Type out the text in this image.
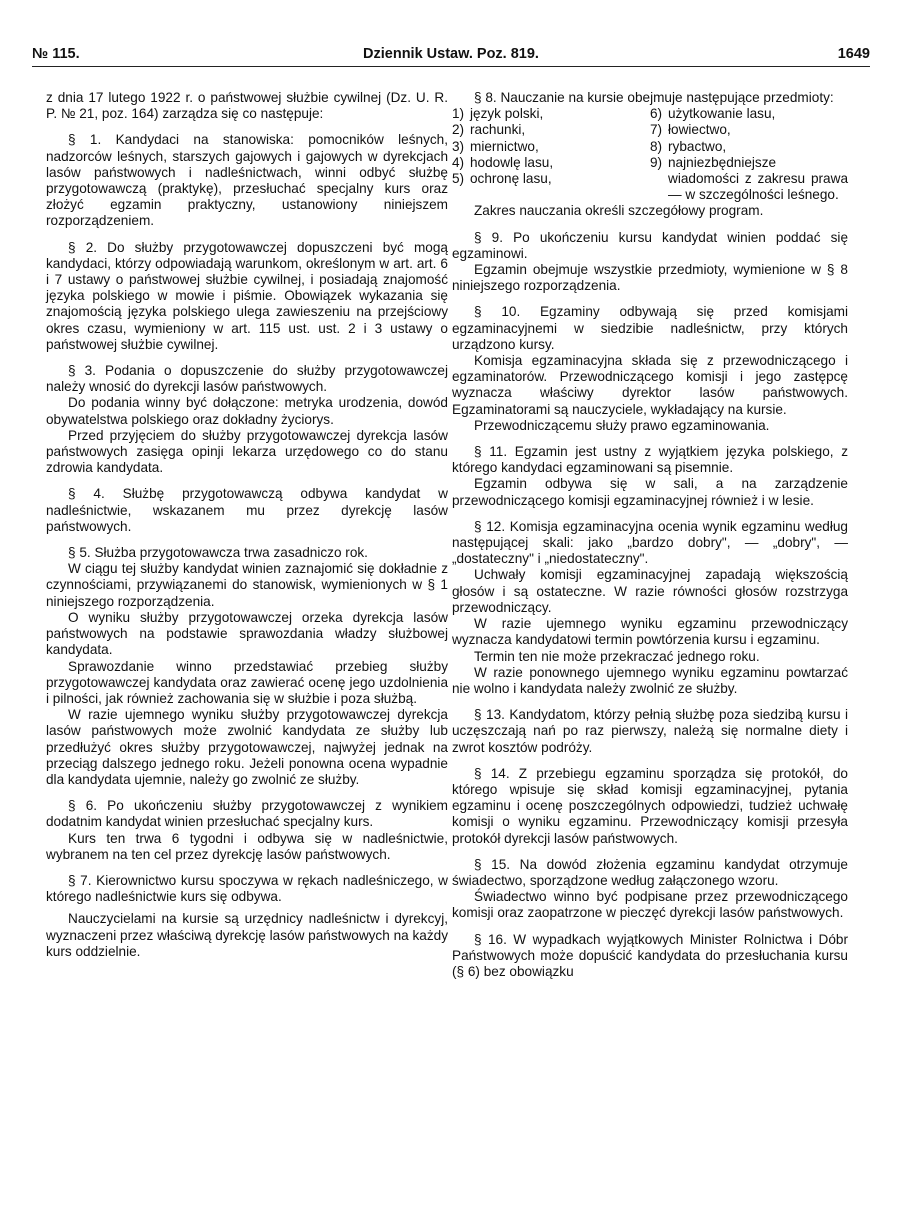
№ 115.	Dziennik Ustaw. Poz. 819.	1649

z dnia 17 lutego 1922 r. o państwowej służbie cywilnej (Dz. U. R. P. № 21, poz. 164) zarządza się co następuje:

§ 1. Kandydaci na stanowiska: pomocników leśnych, nadzorców leśnych, starszych gajowych i gajowych w dyrekcjach lasów państwowych i nadleśnictwach, winni odbyć służbę przygotowawczą (praktykę), przesłuchać specjalny kurs oraz złożyć egzamin praktyczny, ustanowiony niniejszem rozporządzeniem.

§ 2. Do służby przygotowawczej dopuszczeni być mogą kandydaci, którzy odpowiadają warunkom, określonym w art. art. 6 i 7 ustawy o państwowej służbie cywilnej, i posiadają znajomość języka polskiego w mowie i piśmie. Obowiązek wykazania się znajomością języka polskiego ulega zawieszeniu na przejściowy okres czasu, wymieniony w art. 115 ust. ust. 2 i 3 ustawy o państwowej służbie cywilnej.

§ 3. Podania o dopuszczenie do służby przygotowawczej należy wnosić do dyrekcji lasów państwowych.

Do podania winny być dołączone: metryka urodzenia, dowód obywatelstwa polskiego oraz dokładny życiorys.

Przed przyjęciem do służby przygotowawczej dyrekcja lasów państwowych zasięga opinji lekarza urzędowego co do stanu zdrowia kandydata.

§ 4. Służbę przygotowawczą odbywa kandydat w nadleśnictwie, wskazanem mu przez dyrekcję lasów państwowych.

§ 5. Służba przygotowawcza trwa zasadniczo rok.

W ciągu tej służby kandydat winien zaznajomić się dokładnie z czynnościami, przywiązanemi do stanowisk, wymienionych w § 1 niniejszego rozporządzenia.

O wyniku służby przygotowawczej orzeka dyrekcja lasów państwowych na podstawie sprawozdania władzy służbowej kandydata.

Sprawozdanie winno przedstawiać przebieg służby przygotowawczej kandydata oraz zawierać ocenę jego uzdolnienia i pilności, jak również zachowania się w służbie i poza służbą.

W razie ujemnego wyniku służby przygotowawczej dyrekcja lasów państwowych może zwolnić kandydata ze służby lub przedłużyć okres służby przygotowawczej, najwyżej jednak na przeciąg dalszego jednego roku. Jeżeli ponowna ocena wypadnie dla kandydata ujemnie, należy go zwolnić ze służby.

§ 6. Po ukończeniu służby przygotowawczej z wynikiem dodatnim kandydat winien przesłuchać specjalny kurs.

Kurs ten trwa 6 tygodni i odbywa się w nadleśnictwie, wybranem na ten cel przez dyrekcję lasów państwowych.

§ 7. Kierownictwo kursu spoczywa w rękach nadleśniczego, w którego nadleśnictwie kurs się odbywa.

Nauczycielami na kursie są urzędnicy nadleśnictw i dyrekcyj, wyznaczeni przez właściwą dyrekcję lasów państwowych na każdy kurs oddzielnie.

§ 8. Nauczanie na kursie obejmuje następujące przedmioty:

1) język polski,
2) rachunki,
3) miernictwo,
4) hodowlę lasu,
5) ochronę lasu,
6) użytkowanie lasu,
7) łowiectwo,
8) rybactwo,
9) najniezbędniejsze wiadomości z zakresu prawa— w szczególności leśnego.

Zakres nauczania określi szczegółowy program.

§ 9. Po ukończeniu kursu kandydat winien poddać się egzaminowi.

Egzamin obejmuje wszystkie przedmioty, wymienione w § 8 niniejszego rozporządzenia.

§ 10. Egzaminy odbywają się przed komisjami egzaminacyjnemi w siedzibie nadleśnictw, przy których urządzono kursy.

Komisja egzaminacyjna składa się z przewodniczącego i egzaminatorów. Przewodniczącego komisji i jego zastępcę wyznacza właściwy dyrektor lasów państwowych. Egzaminatorami są nauczyciele, wykładający na kursie.

Przewodniczącemu służy prawo egzaminowania.

§ 11. Egzamin jest ustny z wyjątkiem języka polskiego, z którego kandydaci egzaminowani są pisemnie.

Egzamin odbywa się w sali, a na zarządzenie przewodniczącego komisji egzaminacyjnej również i w lesie.

§ 12. Komisja egzaminacyjna ocenia wynik egzaminu według następującej skali: jako „bardzo dobry", — „dobry", — „dostateczny" i „niedostateczny".

Uchwały komisji egzaminacyjnej zapadają większością głosów i są ostateczne. W razie równości głosów rozstrzyga przewodniczący.

W razie ujemnego wyniku egzaminu przewodniczący wyznacza kandydatowi termin powtórzenia kursu i egzaminu.

Termin ten nie może przekraczać jednego roku.

W razie ponownego ujemnego wyniku egzaminu powtarzać nie wolno i kandydata należy zwolnić ze służby.

§ 13. Kandydatom, którzy pełnią służbę poza siedzibą kursu i uczęszczają nań po raz pierwszy, należą się normalne diety i zwrot kosztów podróży.

§ 14. Z przebiegu egzaminu sporządza się protokół, do którego wpisuje się skład komisji egzaminacyjnej, pytania egzaminu i ocenę poszczególnych odpowiedzi, tudzież uchwałę komisji o wyniku egzaminu. Przewodniczący komisji przesyła protokół dyrekcji lasów państwowych.

§ 15. Na dowód złożenia egzaminu kandydat otrzymuje świadectwo, sporządzone według załączonego wzoru.

Świadectwo winno być podpisane przez przewodniczącego komisji oraz zaopatrzone w pieczęć dyrekcji lasów państwowych.

§ 16. W wypadkach wyjątkowych Minister Rolnictwa i Dóbr Państwowych może dopuścić kandydata do przesłuchania kursu (§ 6) bez obowiązku
